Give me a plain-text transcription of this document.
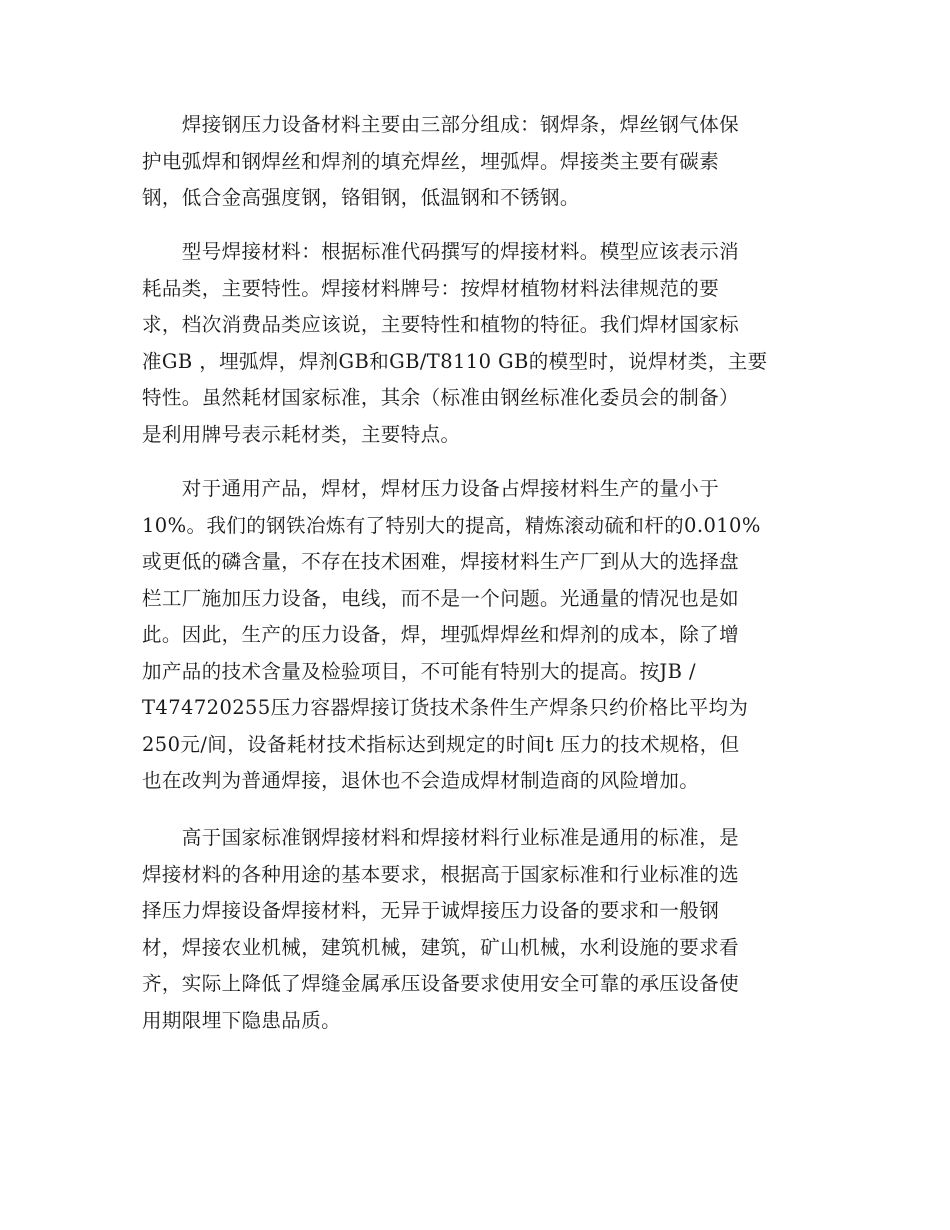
　　焊接钢压力设备材料主要由三部分组成：钢焊条，焊丝钢气体保
护电弧焊和钢焊丝和焊剂的填充焊丝，埋弧焊。焊接类主要有碳素
钢，低合金高强度钢，铬钼钢，低温钢和不锈钢。
　　型号焊接材料：根据标准代码撰写的焊接材料。模型应该表示消
耗品类，主要特性。焊接材料牌号：按焊材植物材料法律规范的要
求，档次消费品类应该说，主要特性和植物的特征。我们焊材国家标
准GB ，埋弧焊，焊剂GB和GB/T8110 GB的模型时，说焊材类，主要
特性。虽然耗材国家标准，其余（标准由钢丝标准化委员会的制备）
是利用牌号表示耗材类，主要特点。
　　对于通用产品，焊材，焊材压力设备占焊接材料生产的量小于
10%。我们的钢铁冶炼有了特别大的提高，精炼滚动硫和杆的0.010%
或更低的磷含量，不存在技术困难，焊接材料生产厂到从大的选择盘
栏工厂施加压力设备，电线，而不是一个问题。光通量的情况也是如
此。因此，生产的压力设备，焊，埋弧焊焊丝和焊剂的成本，除了增
加产品的技术含量及检验项目，不可能有特别大的提高。按JB /
T474720255压力容器焊接订货技术条件生产焊条只约价格比平均为
250元/间，设备耗材技术指标达到规定的时间t 压力的技术规格，但
也在改判为普通焊接，退休也不会造成焊材制造商的风险增加。
　　高于国家标准钢焊接材料和焊接材料行业标准是通用的标准，是
焊接材料的各种用途的基本要求，根据高于国家标准和行业标准的选
择压力焊接设备焊接材料，无异于诚焊接压力设备的要求和一般钢
材，焊接农业机械，建筑机械，建筑，矿山机械，水利设施的要求看
齐，实际上降低了焊缝金属承压设备要求使用安全可靠的承压设备使
用期限埋下隐患品质。
